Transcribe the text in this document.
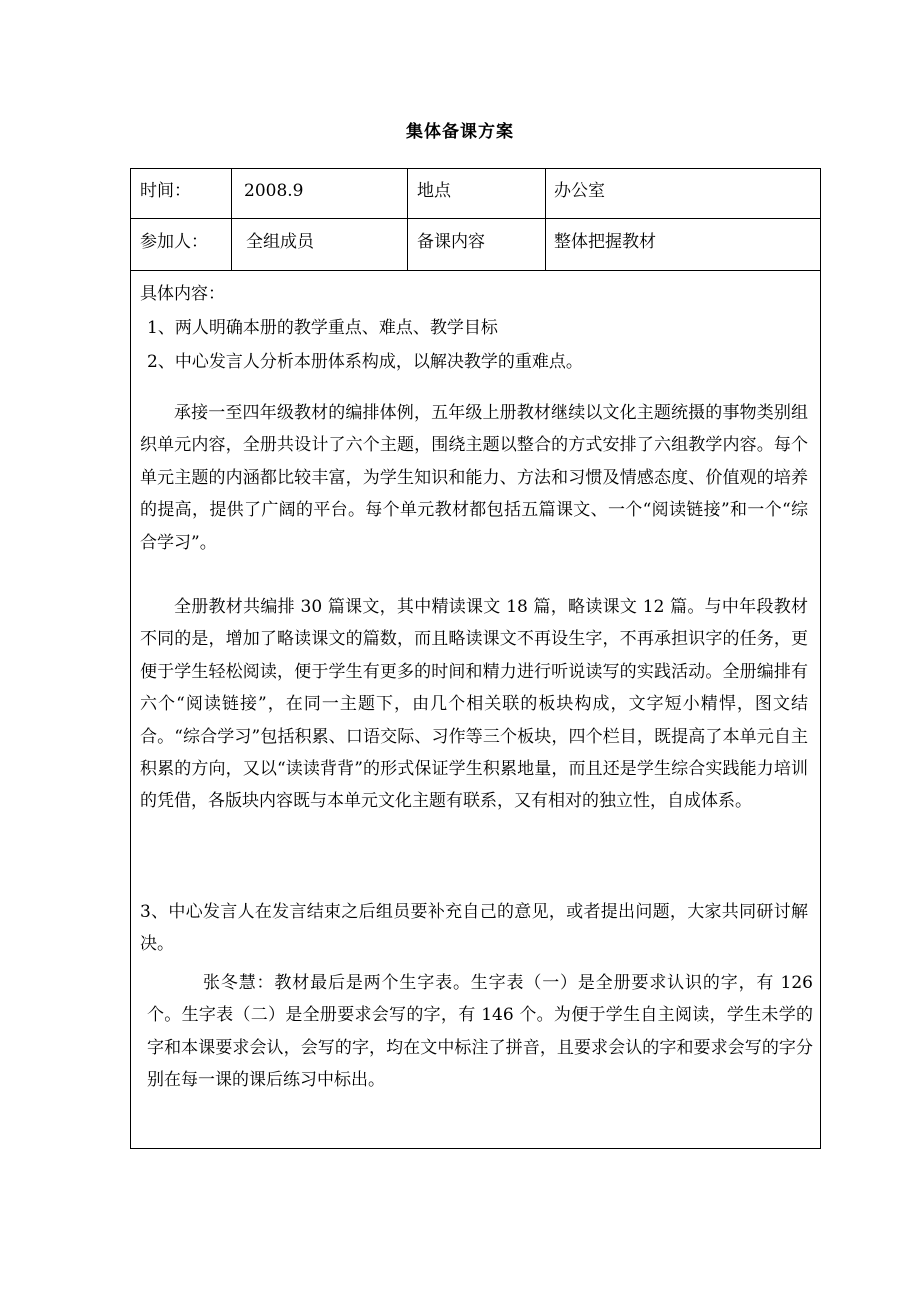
集体备课方案
时间：	2008.9	地点	办公室
参加人： 全组成员	备课内容	整体把握教材
具体内容：
1、两人明确本册的教学重点、难点、教学目标
2、中心发言人分析本册体系构成，以解决教学的重难点。
承接一至四年级教材的编排体例，五年级上册教材继续以文化主题统摄的事物类别组织单元内容，全册共设计了六个主题，围绕主题以整合的方式安排了六组教学内容。每个单元主题的内涵都比较丰富，为学生知识和能力、方法和习惯及情感态度、价值观的培养的提高，提供了广阔的平台。每个单元教材都包括五篇课文、一个“阅读链接”和一个“综合学习”。
全册教材共编排 30 篇课文，其中精读课文 18 篇，略读课文 12 篇。与中年段教材不同的是，增加了略读课文的篇数，而且略读课文不再设生字，不再承担识字的任务，更便于学生轻松阅读，便于学生有更多的时间和精力进行听说读写的实践活动。全册编排有六个“阅读链接”，在同一主题下，由几个相关联的板块构成，文字短小精悍，图文结合。“综合学习”包括积累、口语交际、习作等三个板块，四个栏目，既提高了本单元自主积累的方向，又以“读读背背”的形式保证学生积累地量，而且还是学生综合实践能力培训的凭借，各版块内容既与本单元文化主题有联系，又有相对的独立性，自成体系。
3、中心发言人在发言结束之后组员要补充自己的意见，或者提出问题，大家共同研讨解决。
张冬慧：教材最后是两个生字表。生字表（一）是全册要求认识的字，有 126 个。生字表（二）是全册要求会写的字，有 146 个。为便于学生自主阅读，学生未学的字和本课要求会认，会写的字，均在文中标注了拼音，且要求会认的字和要求会写的字分别在每一课的课后练习中标出。
